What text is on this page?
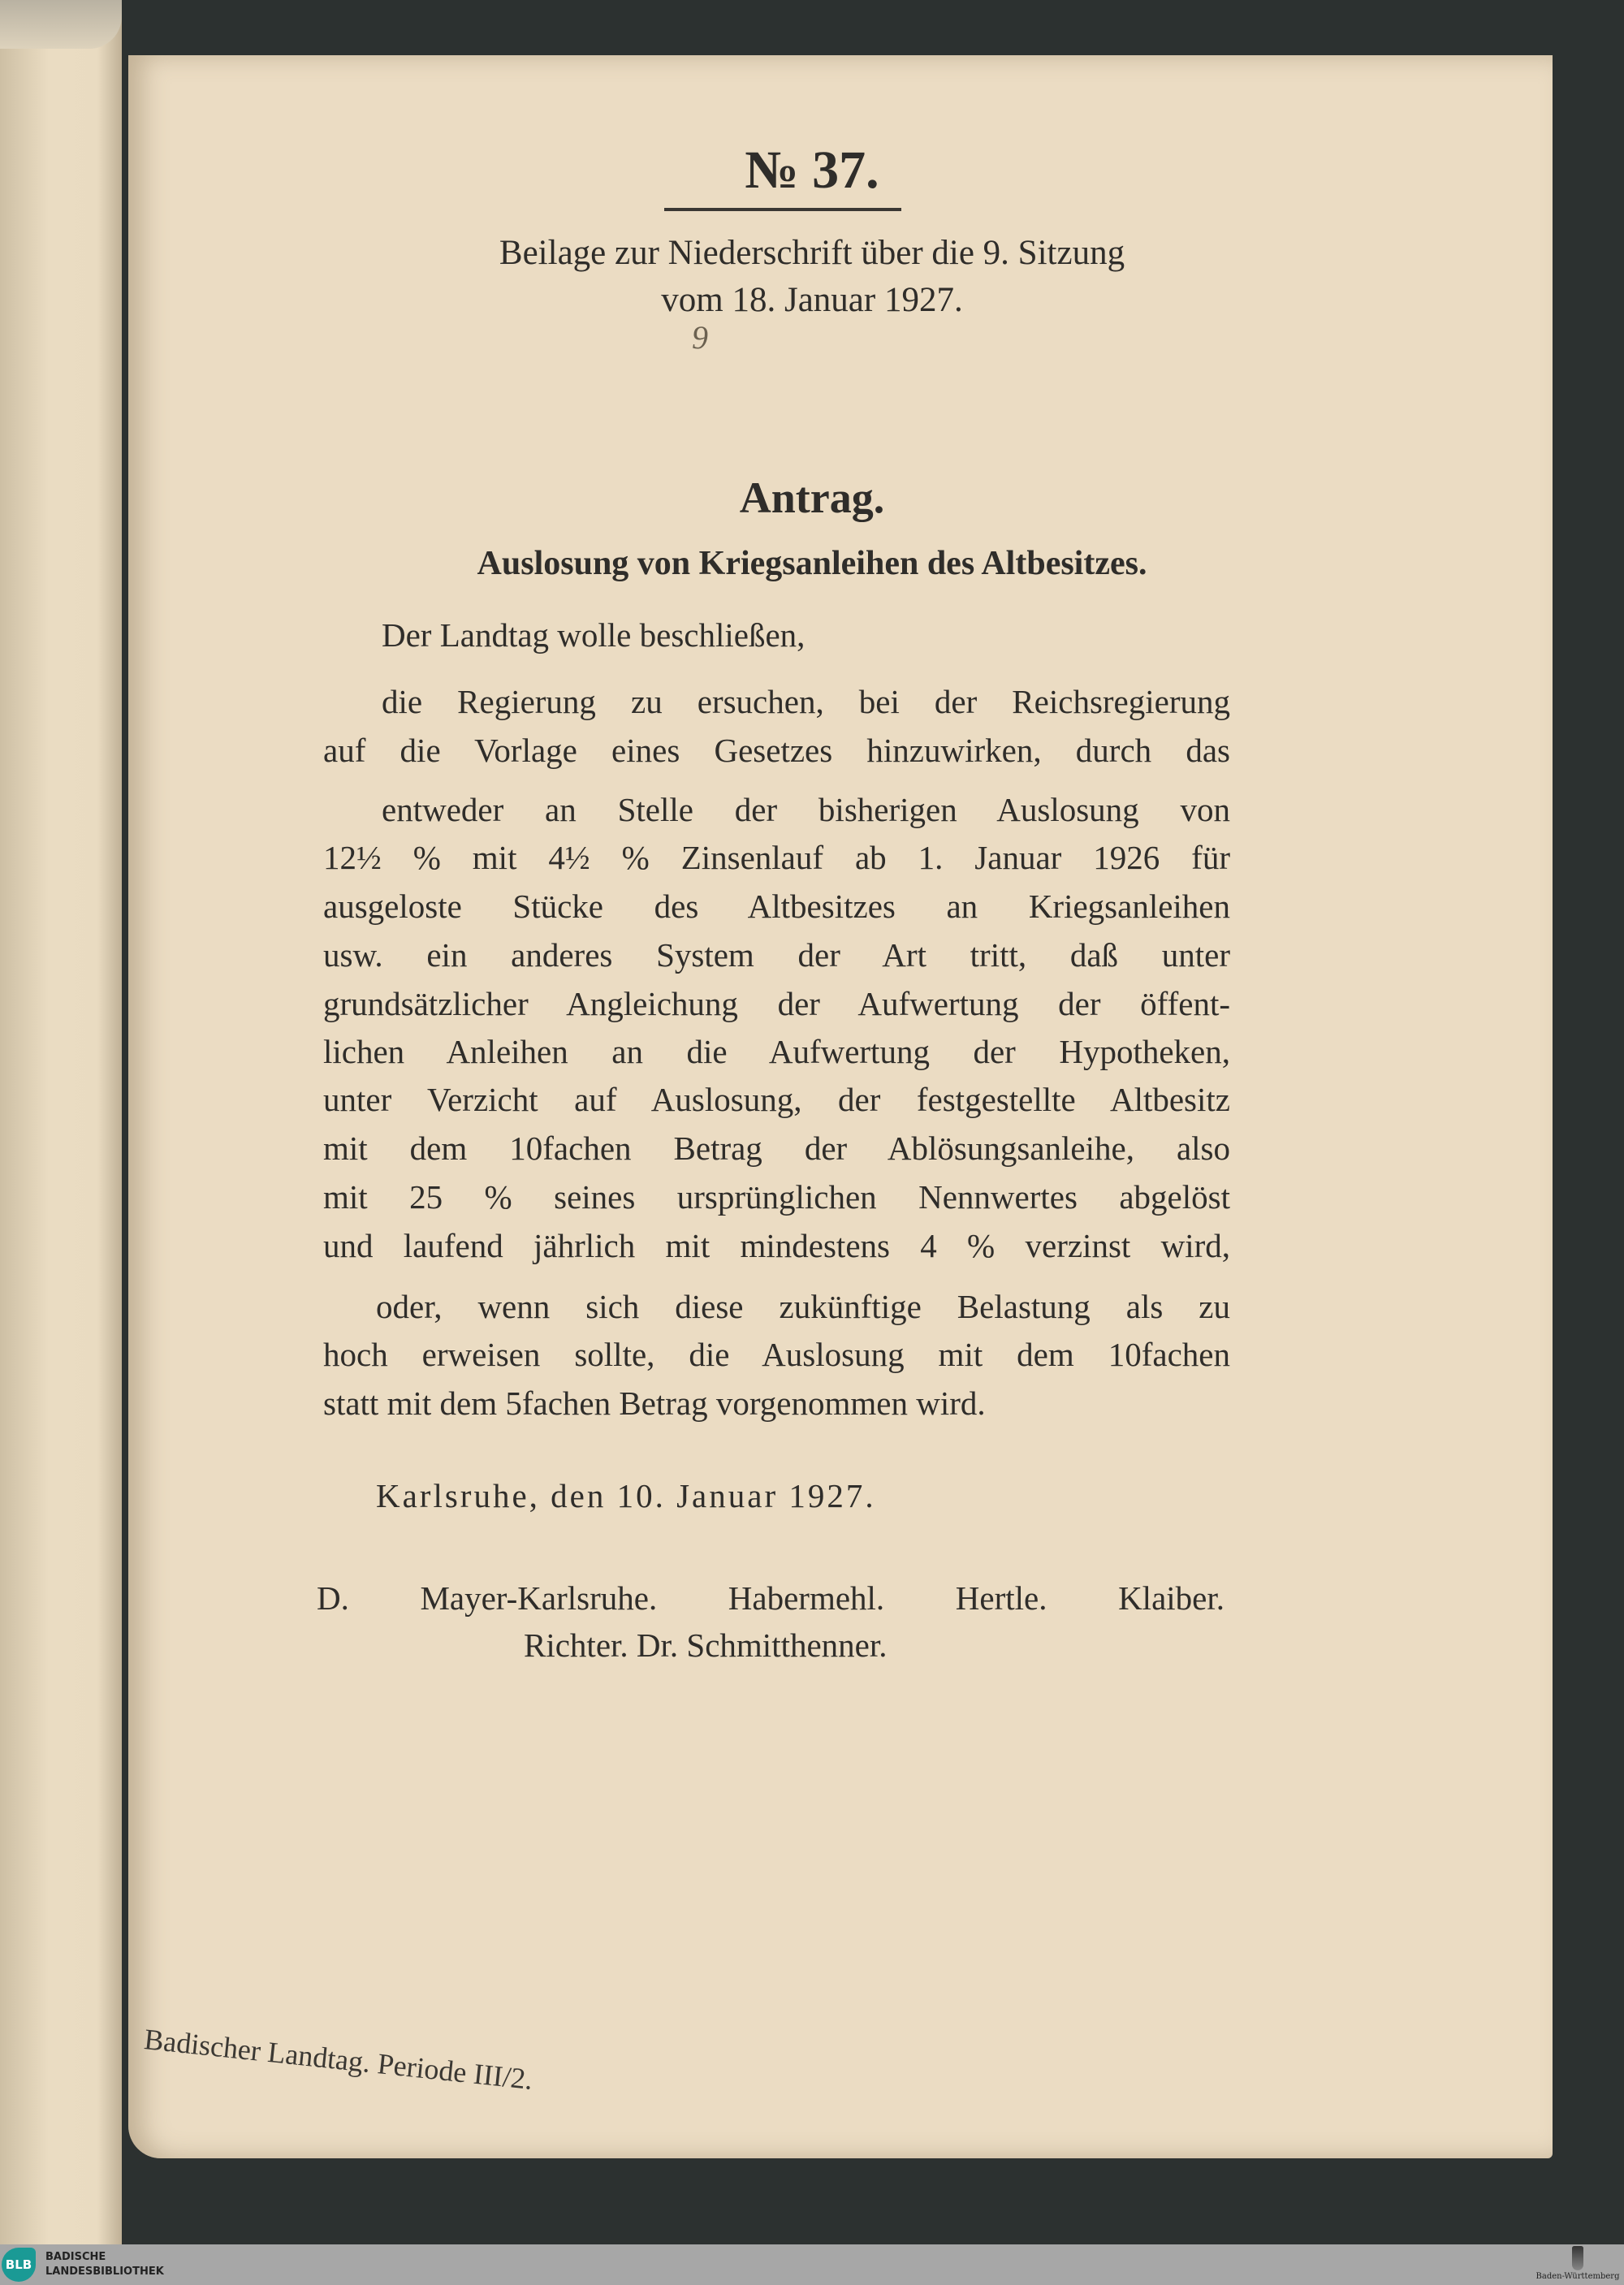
№ 37.
Beilage zur Niederschrift über die 9. Sitzung
vom 18. Januar 1927.
9
Antrag.
Auslosung von Kriegsanleihen des Altbesitzes.
Der Landtag wolle beschließen,
die Regierung zu ersuchen, bei der Reichsregierung
auf die Vorlage eines Gesetzes hinzuwirken, durch das
entweder an Stelle der bisherigen Auslosung von
12½ % mit 4½ % Zinsenlauf ab 1. Januar 1926 für
ausgeloste Stücke des Altbesitzes an Kriegsanleihen
usw. ein anderes System der Art tritt, daß unter
grundsätzlicher Angleichung der Aufwertung der öffent-
lichen Anleihen an die Aufwertung der Hypotheken,
unter Verzicht auf Auslosung, der festgestellte Altbesitz
mit dem 10fachen Betrag der Ablösungsanleihe, also
mit 25 % seines ursprünglichen Nennwertes abgelöst
und laufend jährlich mit mindestens 4 % verzinst wird,
oder, wenn sich diese zukünftige Belastung als zu
hoch erweisen sollte, die Auslosung mit dem 10fachen
statt mit dem 5fachen Betrag vorgenommen wird.
Karlsruhe, den 10. Januar 1927.
D. Mayer-Karlsruhe. Habermehl. Hertle. Klaiber.
Richter. Dr. Schmitthenner.
Badischer Landtag. Periode III/2.
BLB
BADISCHE
LANDESBIBLIOTHEK	Baden-Württemberg
